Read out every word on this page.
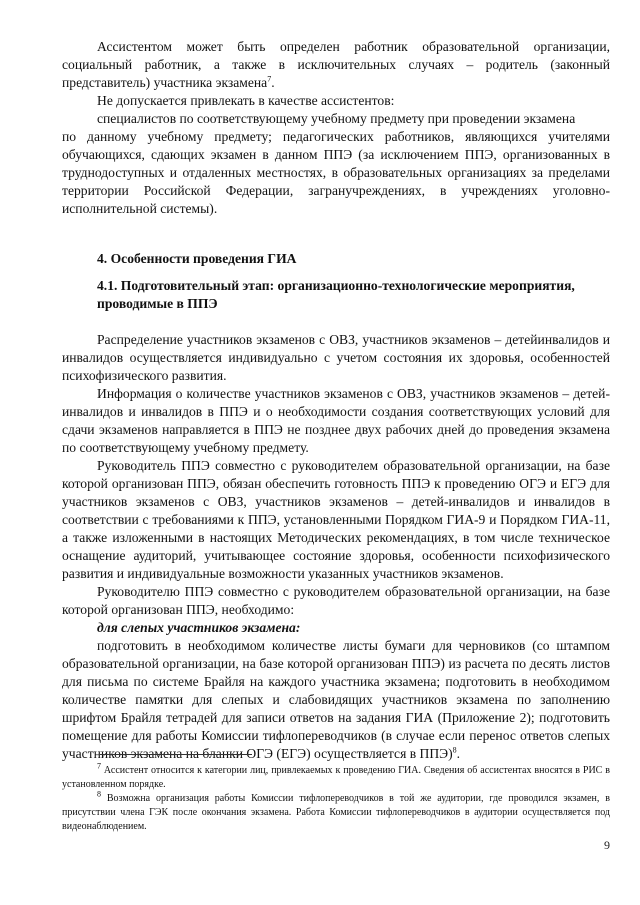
Ассистентом может быть определен работник образовательной организации, социальный работник, а также в исключительных случаях – родитель (законный представитель) участника экзамена$^7$.

Не допускается привлекать в качестве ассистентов:

специалистов по соответствующему учебному предмету при проведении экзамена

по данному учебному предмету; педагогических работников, являющихся учителями обучающихся, сдающих экзамен в данном ППЭ (за исключением ППЭ, организованных в труднодоступных и отдаленных местностях, в образовательных организациях за пределами территории Российской Федерации, загранучреждениях, в учреждениях уголовно-исполнительной системы).

4. Особенности проведения ГИА

4.1. Подготовительный этап: организационно-технологические мероприятия, проводимые в ППЭ

Распределение участников экзаменов с ОВЗ, участников экзаменов – детейинвалидов и инвалидов осуществляется индивидуально с учетом состояния их здоровья, особенностей психофизического развития.

Информация о количестве участников экзаменов с ОВЗ, участников экзаменов – детей-инвалидов и инвалидов в ППЭ и о необходимости создания соответствующих условий для сдачи экзаменов направляется в ППЭ не позднее двух рабочих дней до проведения экзамена по соответствующему учебному предмету.

Руководитель ППЭ совместно с руководителем образовательной организации, на базе которой организован ППЭ, обязан обеспечить готовность ППЭ к проведению ОГЭ и ЕГЭ для участников экзаменов с ОВЗ, участников экзаменов – детей-инвалидов и инвалидов в соответствии с требованиями к ППЭ, установленными Порядком ГИА-9 и Порядком ГИА-11, а также изложенными в настоящих Методических рекомендациях, в том числе техническое оснащение аудиторий, учитывающее состояние здоровья, особенности психофизического развития и индивидуальные возможности указанных участников экзаменов.

Руководителю ППЭ совместно с руководителем образовательной организации, на базе которой организован ППЭ, необходимо:

для слепых участников экзамена:

подготовить в необходимом количестве листы бумаги для черновиков (со штампом образовательной организации, на базе которой организован ППЭ) из расчета по десять листов для письма по системе Брайля на каждого участника экзамена; подготовить в необходимом количестве памятки для слепых и слабовидящих участников экзамена по заполнению шрифтом Брайля тетрадей для записи ответов на задания ГИА (Приложение 2); подготовить помещение для работы Комиссии тифлопереводчиков (в случае если перенос ответов слепых участников экзамена на бланки ОГЭ (ЕГЭ) осуществляется в ППЭ)$^8$.

$^7$ Ассистент относится к категории лиц, привлекаемых к проведению ГИА. Сведения об ассистентах вносятся в РИС в установленном порядке.

$^8$ Возможна организация работы Комиссии тифлопереводчиков в той же аудитории, где проводился экзамен, в присутствии члена ГЭК после окончания экзамена. Работа Комиссии тифлопереводчиков в аудитории осуществляется под видеонаблюдением.

9
